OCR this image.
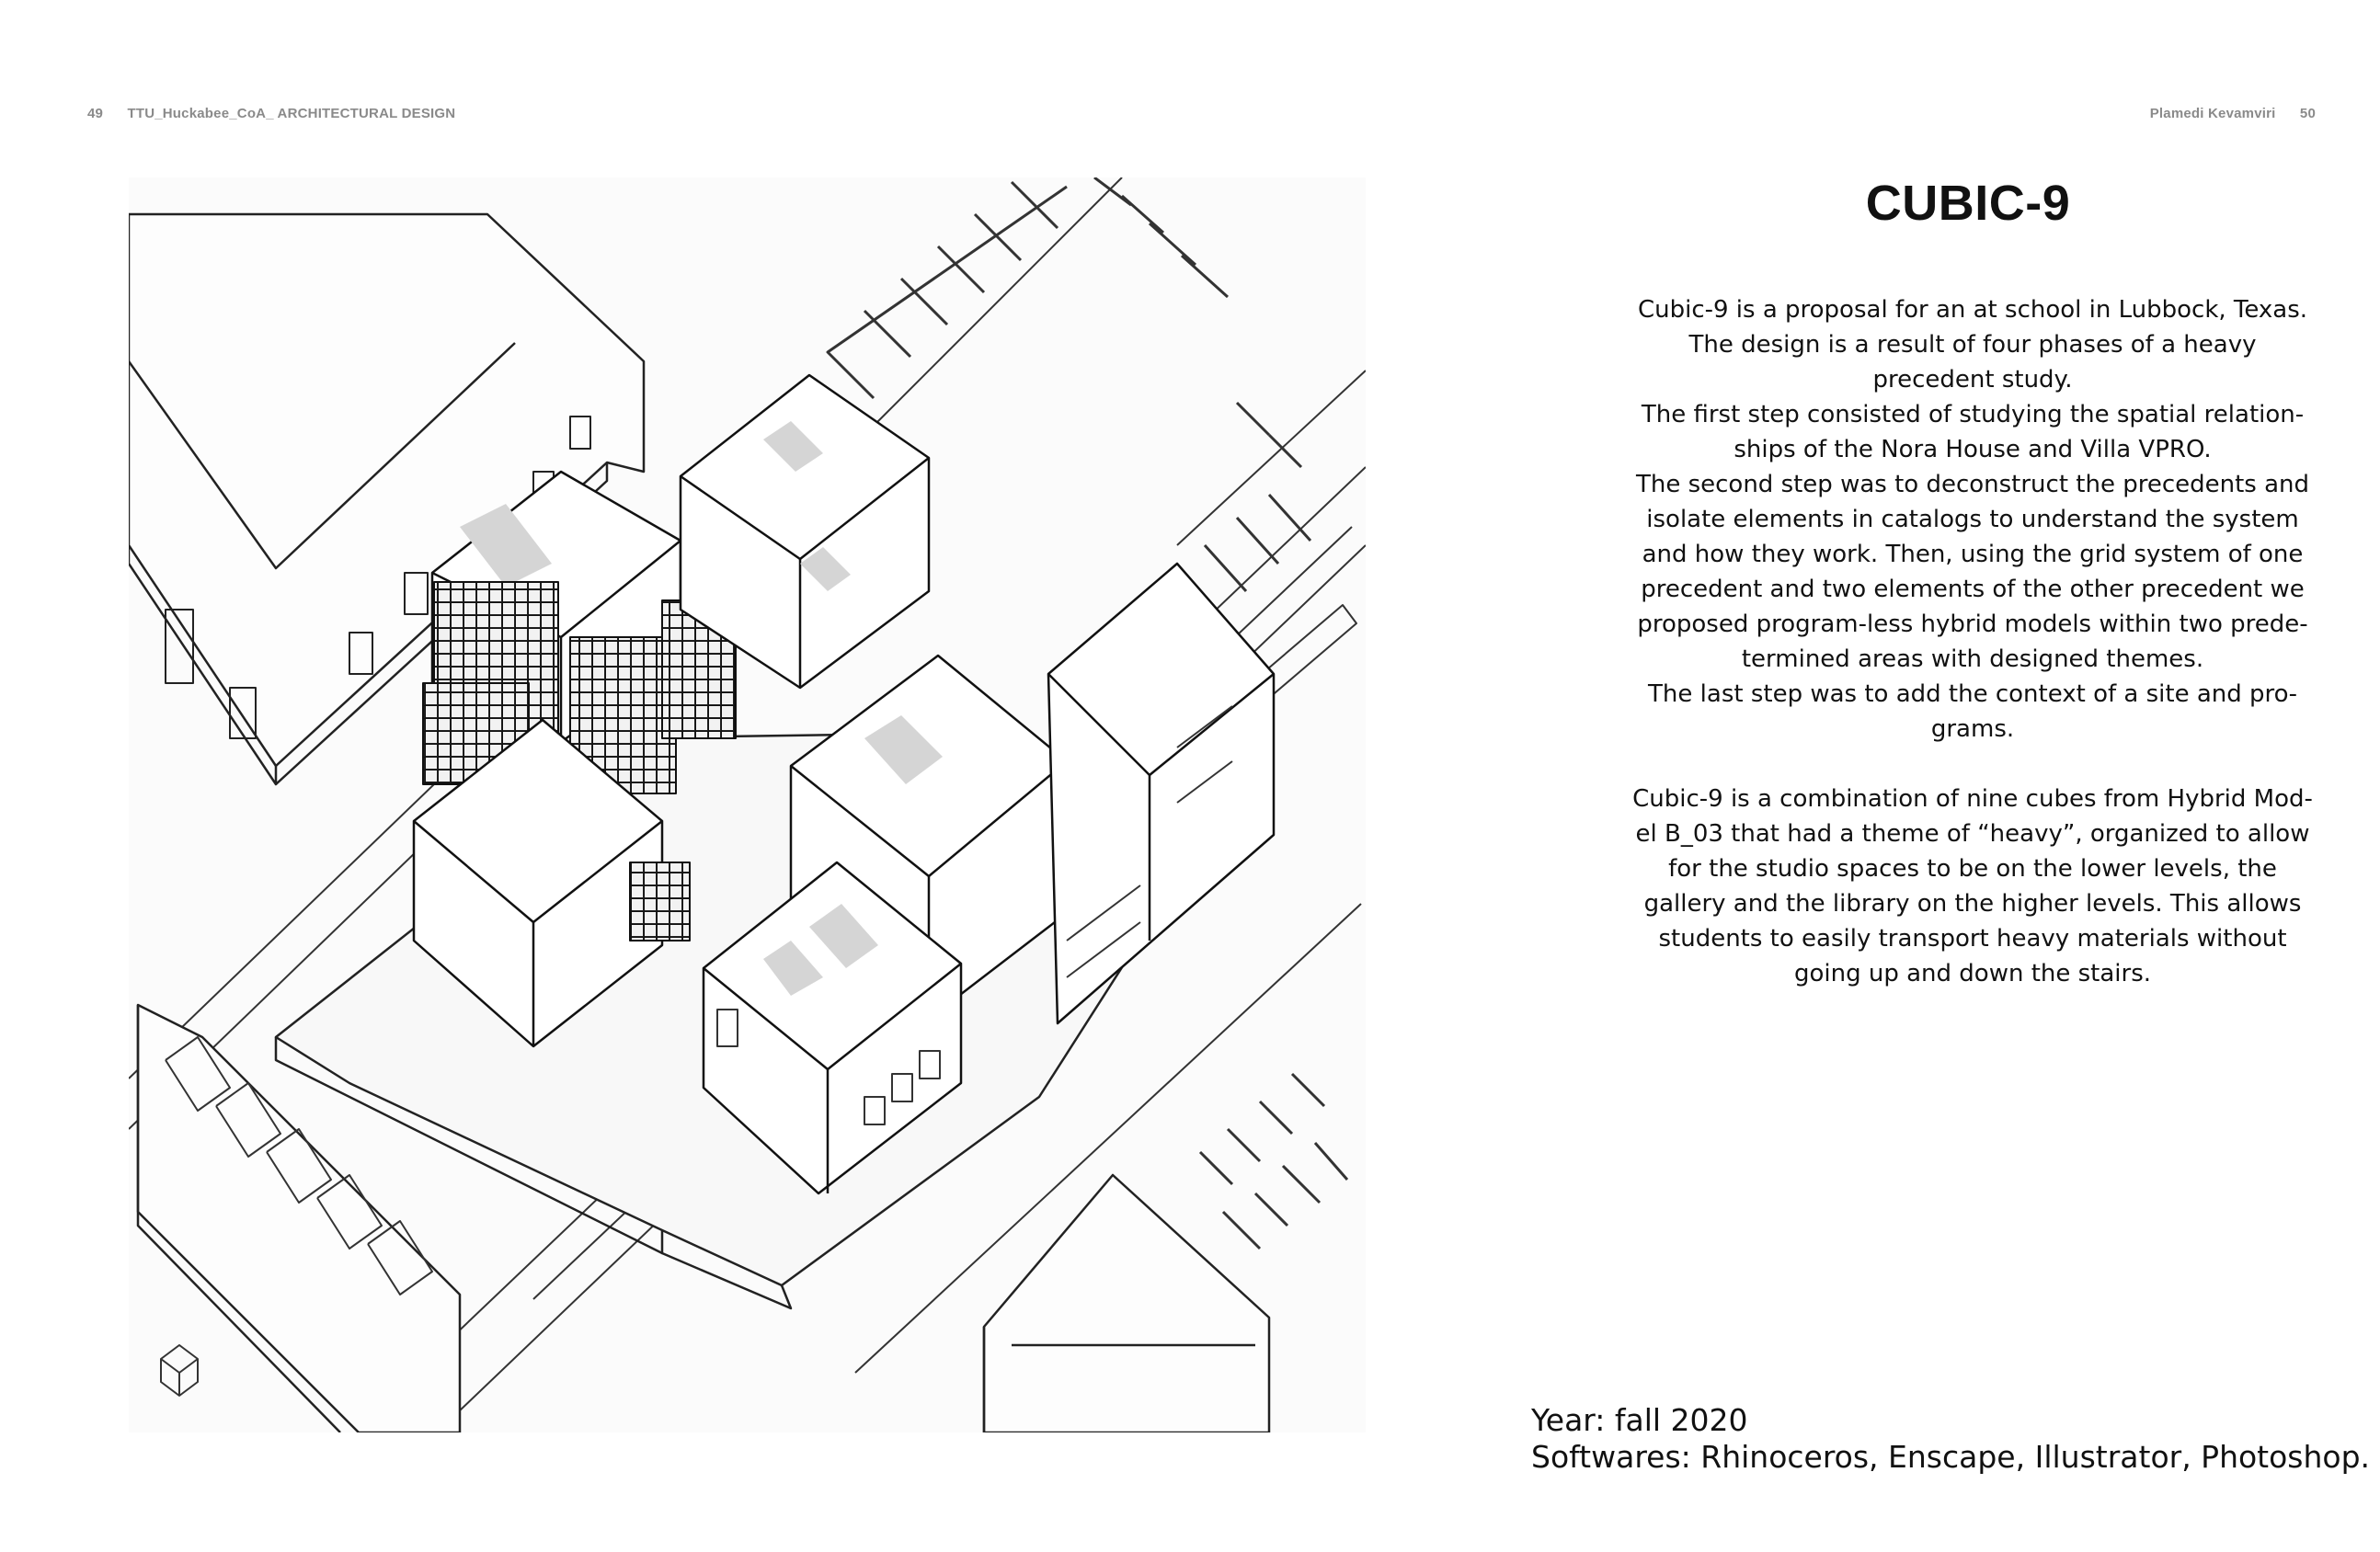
49 TTU_Huckabee_CoA_ ARCHITECTURAL DESIGN	Plamedi Kevamviri 50
CUBIC-9

Cubic-9 is a proposal for an at school in Lubbock, Texas.

The design is a result of four phases of a heavy precedent study.

The first step consisted of studying the spatial relationships of the Nora House and Villa VPRO.

The second step was to deconstruct the precedents and isolate elements in catalogs to understand the system and how they work. Then, using the grid system of one precedent and two elements of the other precedent we proposed program-less hybrid models within two predetermined areas with designed themes.

The last step was to add the context of a site and programs.

Cubic-9 is a combination of nine cubes from Hybrid Model B_03 that had a theme of “heavy”, organized to allow for the studio spaces to be on the lower levels, the gallery and the library on the higher levels. This allows students to easily transport heavy materials without going up and down the stairs.

Year: fall 2020
Softwares: Rhinoceros, Enscape, Illustrator, Photoshop.
